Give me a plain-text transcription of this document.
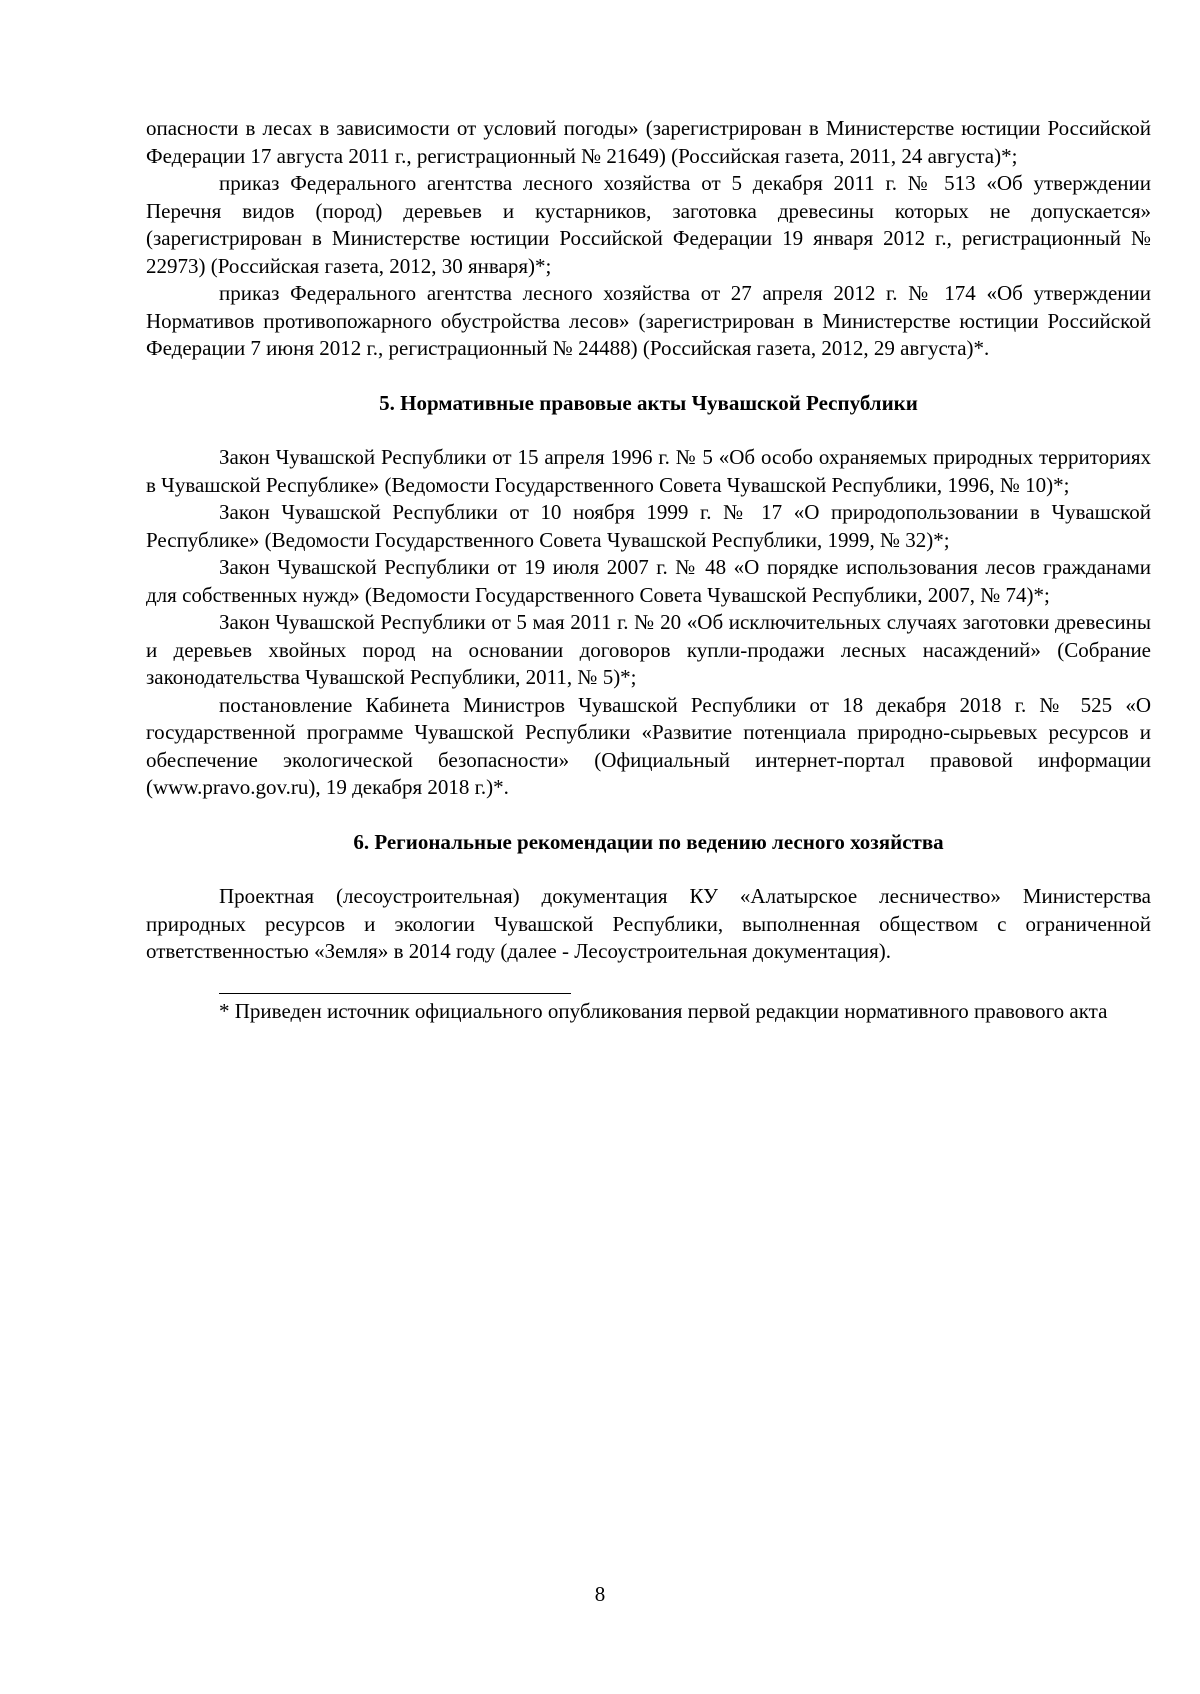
опасности в лесах в зависимости от условий погоды» (зарегистрирован в Министерстве юстиции Российской Федерации 17 августа 2011 г., регистрационный № 21649) (Российская газета, 2011, 24 августа)*;

приказ Федерального агентства лесного хозяйства от 5 декабря 2011 г. № 513 «Об утверждении Перечня видов (пород) деревьев и кустарников, заготовка древесины которых не допускается» (зарегистрирован в Министерстве юстиции Российской Федерации 19 января 2012 г., регистрационный № 22973) (Российская газета, 2012, 30 января)*;

приказ Федерального агентства лесного хозяйства от 27 апреля 2012 г. № 174 «Об утверждении Нормативов противопожарного обустройства лесов» (зарегистрирован в Министерстве юстиции Российской Федерации 7 июня 2012 г., регистрационный № 24488) (Российская газета, 2012, 29 августа)*.

5. Нормативные правовые акты Чувашской Республики

Закон Чувашской Республики от 15 апреля 1996 г. № 5 «Об особо охраняемых природных территориях в Чувашской Республике» (Ведомости Государственного Совета Чувашской Республики, 1996, № 10)*;

Закон Чувашской Республики от 10 ноября 1999 г. № 17 «О природопользовании в Чувашской Республике» (Ведомости Государственного Совета Чувашской Республики, 1999, № 32)*;

Закон Чувашской Республики от 19 июля 2007 г. № 48 «О порядке использования лесов гражданами для собственных нужд» (Ведомости Государственного Совета Чувашской Республики, 2007, № 74)*;

Закон Чувашской Республики от 5 мая 2011 г. № 20 «Об исключительных случаях заготовки древесины и деревьев хвойных пород на основании договоров купли-продажи лесных насаждений» (Собрание законодательства Чувашской Республики, 2011, № 5)*;

постановление Кабинета Министров Чувашской Республики от 18 декабря 2018 г. № 525 «О государственной программе Чувашской Республики «Развитие потенциала природно-сырьевых ресурсов и обеспечение экологической безопасности» (Официальный интернет-портал правовой информации (www.pravo.gov.ru), 19 декабря 2018 г.)*.

6. Региональные рекомендации по ведению лесного хозяйства

Проектная (лесоустроительная) документация КУ «Алатырское лесничество» Министерства природных ресурсов и экологии Чувашской Республики, выполненная обществом с ограниченной ответственностью «Земля» в 2014 году (далее - Лесоустроительная документация).

* Приведен источник официального опубликования первой редакции нормативного правового акта

8
